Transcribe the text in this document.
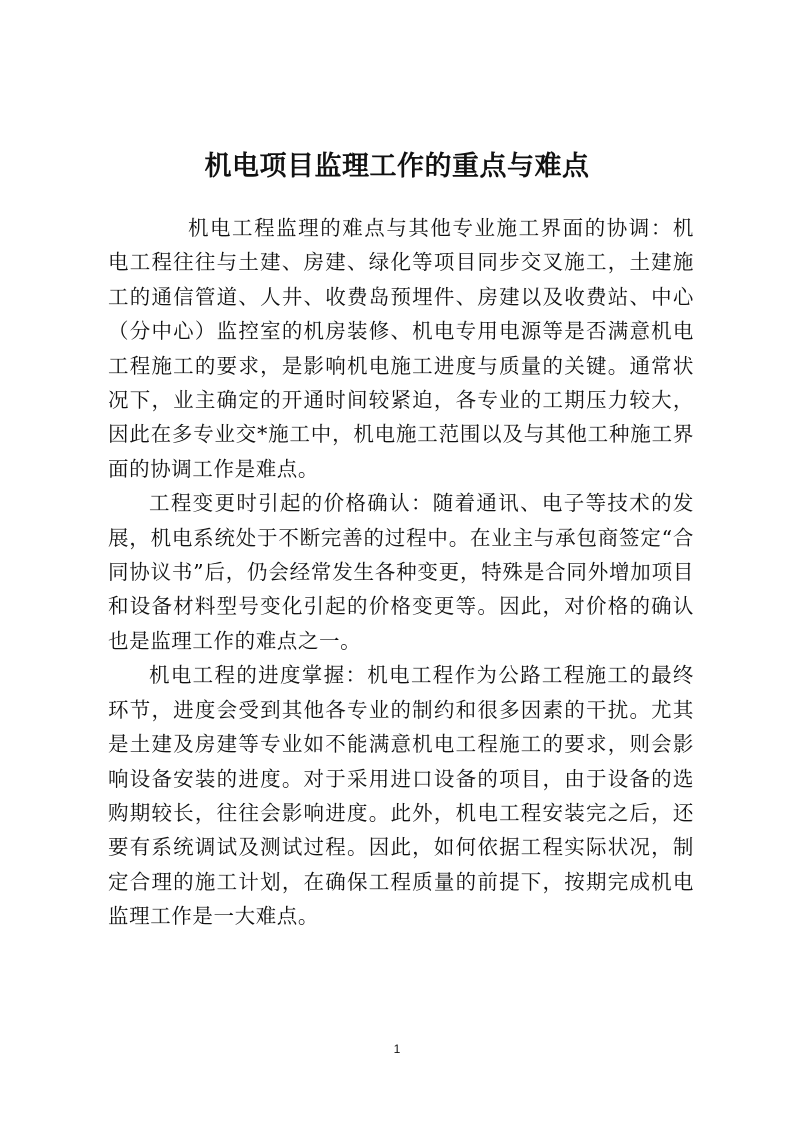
机电项目监理工作的重点与难点

机电工程监理的难点与其他专业施工界面的协调：机电工程往往与土建、房建、绿化等项目同步交叉施工，土建施工的通信管道、人井、收费岛预埋件、房建以及收费站、中心（分中心）监控室的机房装修、机电专用电源等是否满意机电工程施工的要求，是影响机电施工进度与质量的关键。通常状况下，业主确定的开通时间较紧迫，各专业的工期压力较大，因此在多专业交*施工中，机电施工范围以及与其他工种施工界面的协调工作是难点。

工程变更时引起的价格确认：随着通讯、电子等技术的发展，机电系统处于不断完善的过程中。在业主与承包商签定“合同协议书”后，仍会经常发生各种变更，特殊是合同外增加项目和设备材料型号变化引起的价格变更等。因此，对价格的确认也是监理工作的难点之一。

机电工程的进度掌握：机电工程作为公路工程施工的最终环节，进度会受到其他各专业的制约和很多因素的干扰。尤其是土建及房建等专业如不能满意机电工程施工的要求，则会影响设备安装的进度。对于采用进口设备的项目，由于设备的选购期较长，往往会影响进度。此外，机电工程安装完之后，还要有系统调试及测试过程。因此，如何依据工程实际状况，制定合理的施工计划，在确保工程质量的前提下，按期完成机电监理工作是一大难点。

1
